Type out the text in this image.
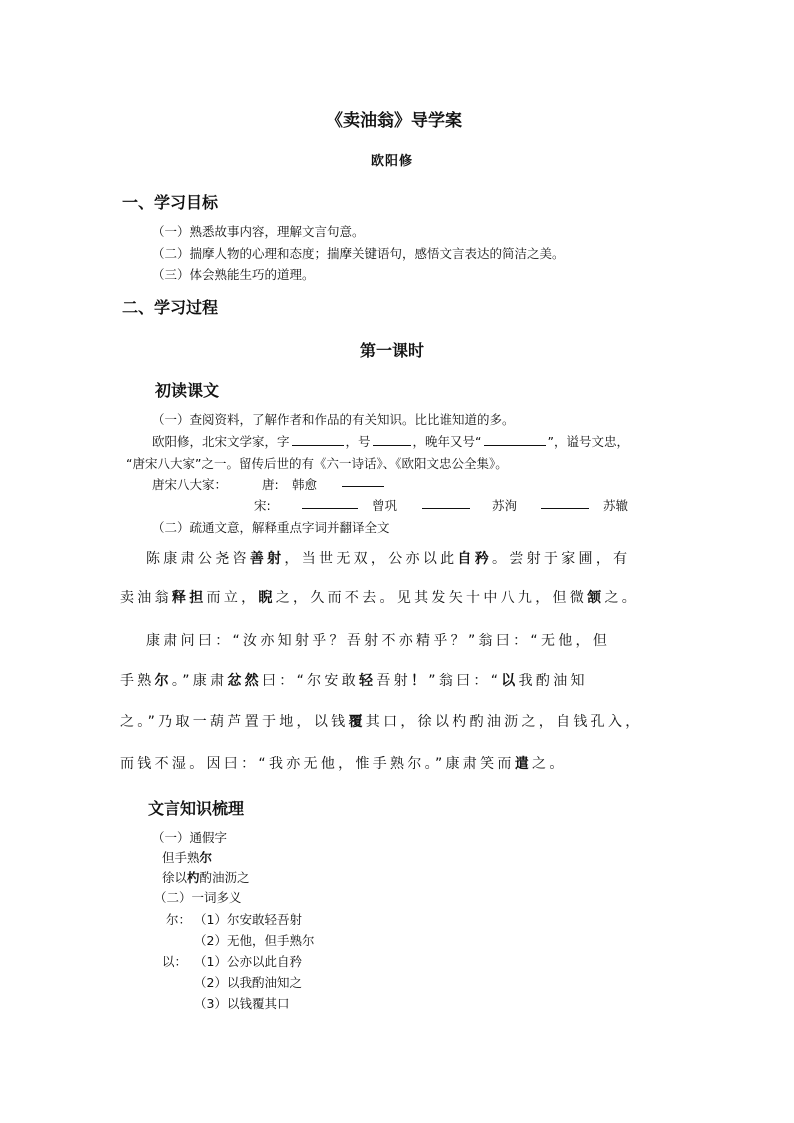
《卖油翁》导学案
欧阳修
一、学习目标
（一）熟悉故事内容，理解文言句意。
（二）揣摩人物的心理和态度；揣摩关键语句，感悟文言表达的简洁之美。
（三）体会熟能生巧的道理。
二、学习过程
第一课时
初读课文
（一）查阅资料，了解作者和作品的有关知识。比比谁知道的多。
欧阳修，北宋文学家，字	，号	，晚年又号“	”，谥号文忠，
“唐宋八大家”之一。留传后世的有《六一诗话》、《欧阳文忠公全集》。
唐宋八大家：	唐: 韩愈
宋:	曾巩	苏洵	苏辙
（二）疏通文意，解释重点字词并翻译全文
陈康肃公尧咨善射，当世无双，公亦以此自矜。尝射于家圃，有
卖油翁释担而立，睨之，久而不去。见其发矢十中八九，但微颔之。
康肃问曰：“汝亦知射乎？吾射不亦精乎？”翁曰：“无他，但
手熟尔。”康肃忿然曰：“尔安敢轻吾射！”翁曰：“以我酌油知
之。”乃取一葫芦置于地，以钱覆其口，徐以杓酌油沥之，自钱孔入，
而钱不湿。因曰：“我亦无他，惟手熟尔。”康肃笑而遣之。
文言知识梳理
（一）通假字
但手熟尔
徐以杓酌油沥之
（二）一词多义
尔： （1）尔安敢轻吾射
（2）无他，但手熟尔
以： （1）公亦以此自矜
（2）以我酌油知之
（3）以钱覆其口
